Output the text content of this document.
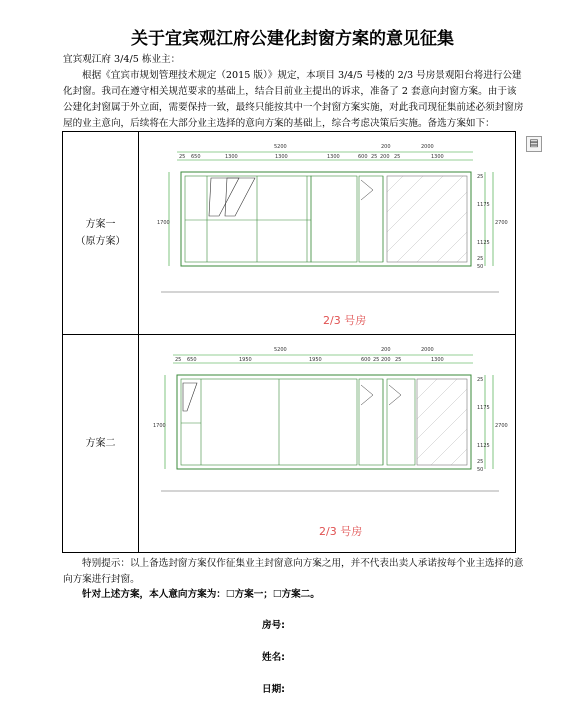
关于宜宾观江府公建化封窗方案的意见征集
宜宾观江府 3/4/5 栋业主：
根据《宜宾市规划管理技术规定（2015 版）》规定，本项目 3/4/5 号楼的 2/3 号房景观阳台将进行公建化封窗。我司在遵守相关规范要求的基础上，结合目前业主提出的诉求，准备了 2 套意向封窗方案。由于该公建化封窗属于外立面，需要保持一致，最终只能按其中一个封窗方案实施，对此我司现征集前述必须封窗房屋的业主意向，后续将在大部分业主选择的意向方案的基础上，综合考虑决策后实施。备选方案如下：
▤
方案一
（原方案）
5200	200	2000
25 650	1300	1300	1300	600 25 200 25	1300
1700
25
1175
1125
25
50
2700
2/3 号房
方案二
5200	200	2000
25 650	1950	1950	600 25 200 25	1300
1700
25
1175
1125
25
50
2700
2/3 号房
特别提示：以上备选封窗方案仅作征集业主封窗意向方案之用，并不代表出卖人承诺按每个业主选择的意向方案进行封窗。
针对上述方案，本人意向方案为：☐方案一；☐方案二。
房号:
姓名:
日期:
